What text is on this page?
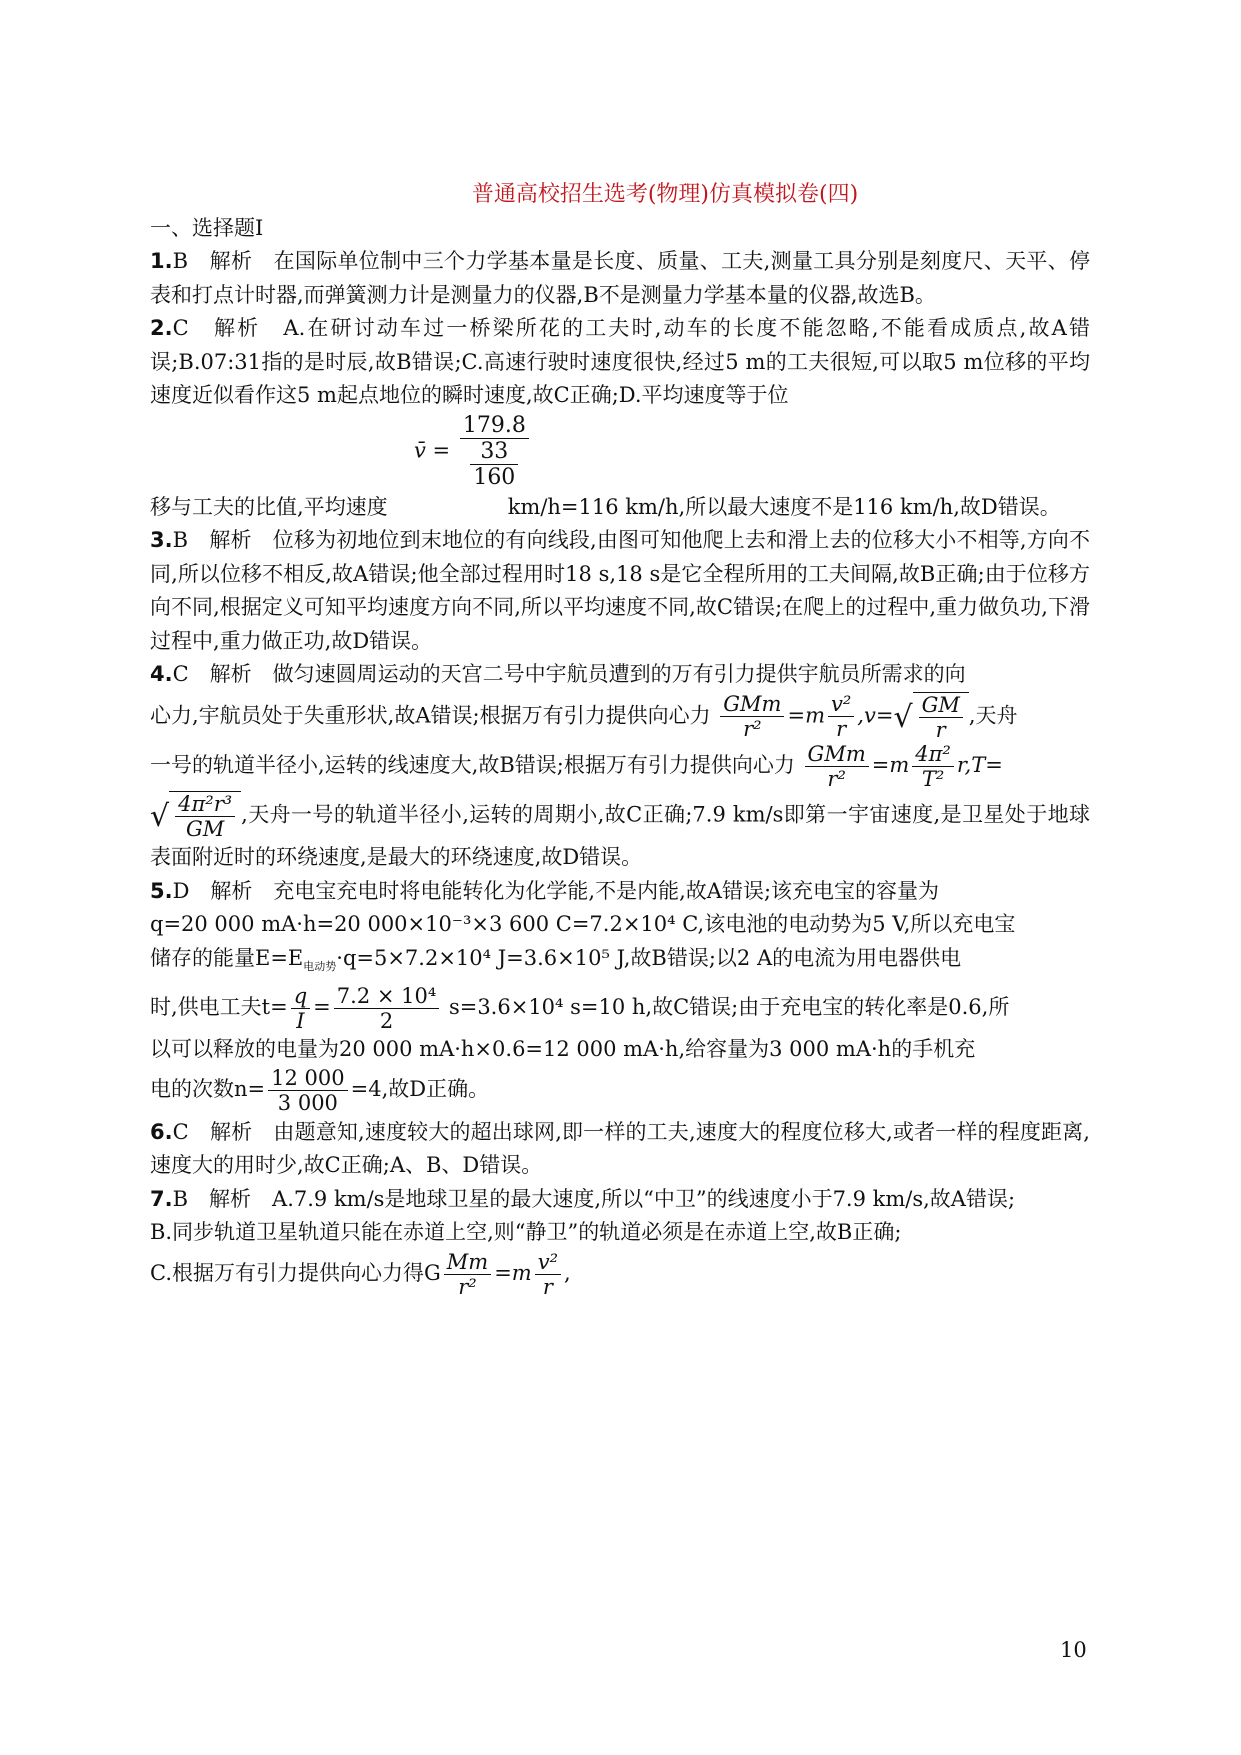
普通高校招生选考(物理)仿真模拟卷(四)
一、选择题Ⅰ

1.B　解析　在国际单位制中三个力学基本量是长度、质量、工夫,测量工具分别是刻度尺、天平、停表和打点计时器,而弹簧测力计是测量力的仪器,B不是测量力学基本量的仪器,故选B。

2.C　解析　A.在研讨动车过一桥梁所花的工夫时,动车的长度不能忽略,不能看成质点,故A错误;B.07:31指的是时辰,故B错误;C.高速行驶时速度很快,经过5 m的工夫很短,可以取5 m位移的平均速度近似看作这5 m起点地位的瞬时速度,故C正确;D.平均速度等于位

v̄ = $\frac{179.8}{\frac{33}{160}}$

移与工夫的比值,平均速度	km/h=116 km/h,所以最大速度不是116 km/h,故D错误。

3.B　解析　位移为初地位到末地位的有向线段,由图可知他爬上去和滑上去的位移大小不相等,方向不同,所以位移不相反,故A错误;他全部过程用时18 s,18 s是它全程所用的工夫间隔,故B正确;由于位移方向不同,根据定义可知平均速度方向不同,所以平均速度不同,故C错误;在爬上的过程中,重力做负功,下滑过程中,重力做正功,故D错误。

4.C　解析　做匀速圆周运动的天宫二号中宇航员遭到的万有引力提供宇航员所需求的向
心力,宇航员处于失重形状,故A错误;根据万有引力提供向心力 $\frac{\text{GMm}}{\text{r²}} =m \frac{\text{v²}}{r} ,v=√ \frac{GM}{r}$ ,天舟
一号的轨道半径小,运转的线速度大,故B错误;根据万有引力提供向心力 $\frac{\text{GMm}}{\text{r²}} =m \frac{\text{4π²}}{\text{T²}} r,T=$
√ $\frac{\text{4π²r³}}{GM}$ ,天舟一号的轨道半径小,运转的周期小,故C正确;7.9 km/s即第一宇宙速度,是卫星处于地球表面附近时的环绕速度,是最大的环绕速度,故D错误。

5.D　解析　充电宝充电时将电能转化为化学能,不是内能,故A错误;该充电宝的容量为
q=20 000 mA·h=20 000×10⁻³×3 600 C=7.2×10⁴ C,该电池的电动势为5 V,所以充电宝
储存的能量$E=E_{电动势}\cdot q=5\times 7.2\times 10^4$ J=3.6×10⁵ J,故B错误;以2 A的电流为用电器供电
时,供电工夫$t= \frac{q}{I} = \frac{\text{7.2 × 10⁴}}{2} s=3.6\times 10^4$ s=10 h,故C错误;由于充电宝的转化率是0.6,所
以可以释放的电量为20 000 mA·h×0.6=12 000 mA·h,给容量为3 000 mA·h的手机充
电的次数$n= \frac{12 000}{3 000} =4$,故D正确。

6.C　解析　由题意知,速度较大的超出球网,即一样的工夫,速度大的程度位移大,或者一样的程度距离,速度大的用时少,故C正确;A、B、D错误。

7.B　解析　A.7.9 km/s是地球卫星的最大速度,所以“中卫”的线速度小于7.9 km/s,故A错误;
B.同步轨道卫星轨道只能在赤道上空,则“静卫”的轨道必须是在赤道上空,故B正确;
C.根据万有引力提供向心力得G $\frac{Mm}{\text{r²}} =m \frac{\text{v²}}{r}$ ,

10
